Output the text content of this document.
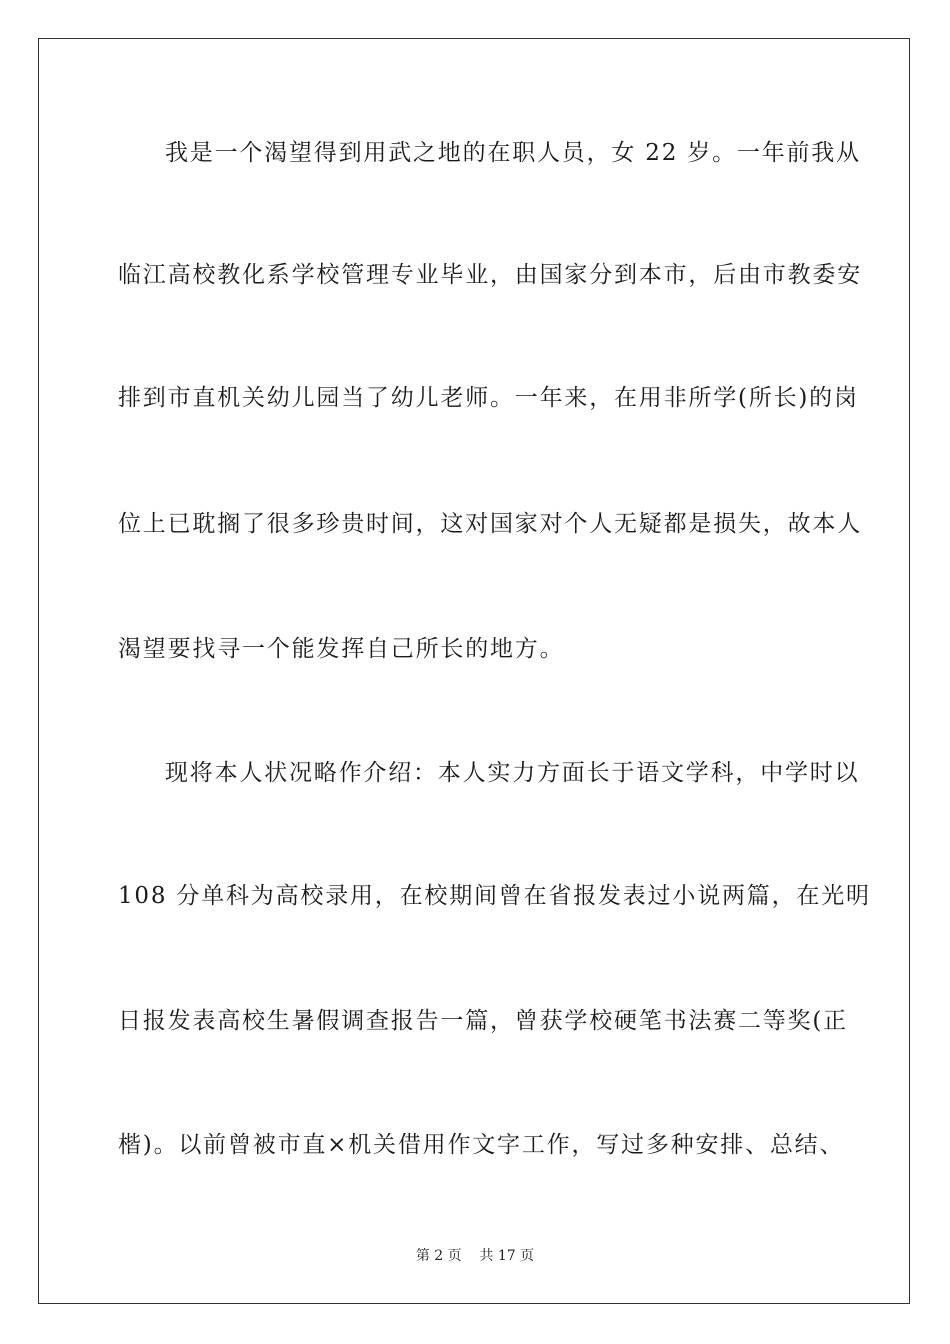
我是一个渴望得到用武之地的在职人员，女 22 岁。一年前我从
临江高校教化系学校管理专业毕业，由国家分到本市，后由市教委安
排到市直机关幼儿园当了幼儿老师。一年来，在用非所学(所长)的岗
位上已耽搁了很多珍贵时间，这对国家对个人无疑都是损失，故本人
渴望要找寻一个能发挥自己所长的地方。
现将本人状况略作介绍：本人实力方面长于语文学科，中学时以
108 分单科为高校录用，在校期间曾在省报发表过小说两篇，在光明
日报发表高校生暑假调查报告一篇，曾获学校硬笔书法赛二等奖(正
楷)。以前曾被市直×机关借用作文字工作，写过多种安排、总结、
第 2 页 共 17 页
